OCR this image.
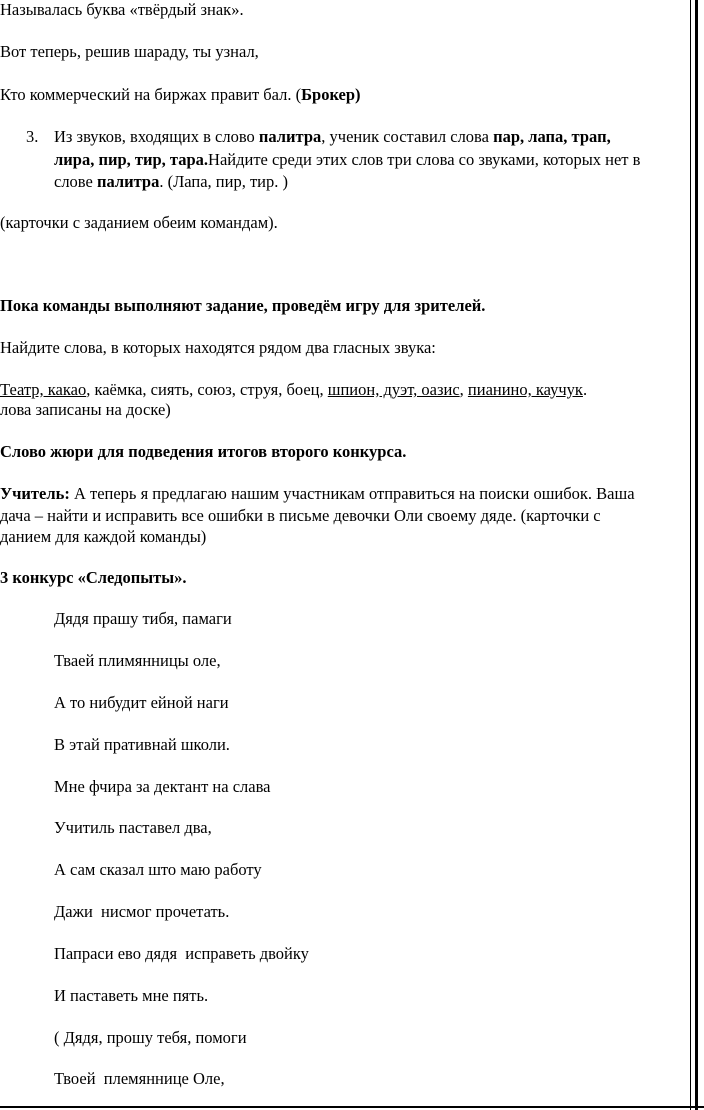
Называлась буква «твёрдый знак».
Вот теперь, решив шараду, ты узнал,
Кто коммерческий на биржах правит бал. (Брокер)
3. Из звуков, входящих в слово палитра, ученик составил слова пар, лапа, трап,
лира, пир, тир, тара.Найдите среди этих слов три слова со звуками, которых нет в
слове палитра. (Лапа, пир, тир. )
(карточки с заданием обеим командам).
Пока команды выполняют задание, проведём игру для зрителей.
Найдите слова, в которых находятся рядом два гласных звука:
Театр, какао, каёмка, сиять, союз, струя, боец, шпион, дуэт, оазис, пианино, каучук.
лова записаны на доске)
Слово жюри для подведения итогов второго конкурса.
Учитель: А теперь я предлагаю нашим участникам отправиться на поиски ошибок. Ваша
дача – найти и исправить все ошибки в письме девочки Оли своему дяде. (карточки с
данием для каждой команды)
3 конкурс «Следопыты».
Дядя прашу тибя, памаги
Тваей плимянницы оле,
А то нибудит ейной наги
В этай пративнай школи.
Мне фчира за дектант на слава
Учитиль паставел два,
А сам сказал што маю работу
Дажи  нисмог прочетать.
Папраси ево дядя  исправеть двойку
И паставеть мне пять.
( Дядя, прошу тебя, помоги
Твоей  племяннице Оле,
